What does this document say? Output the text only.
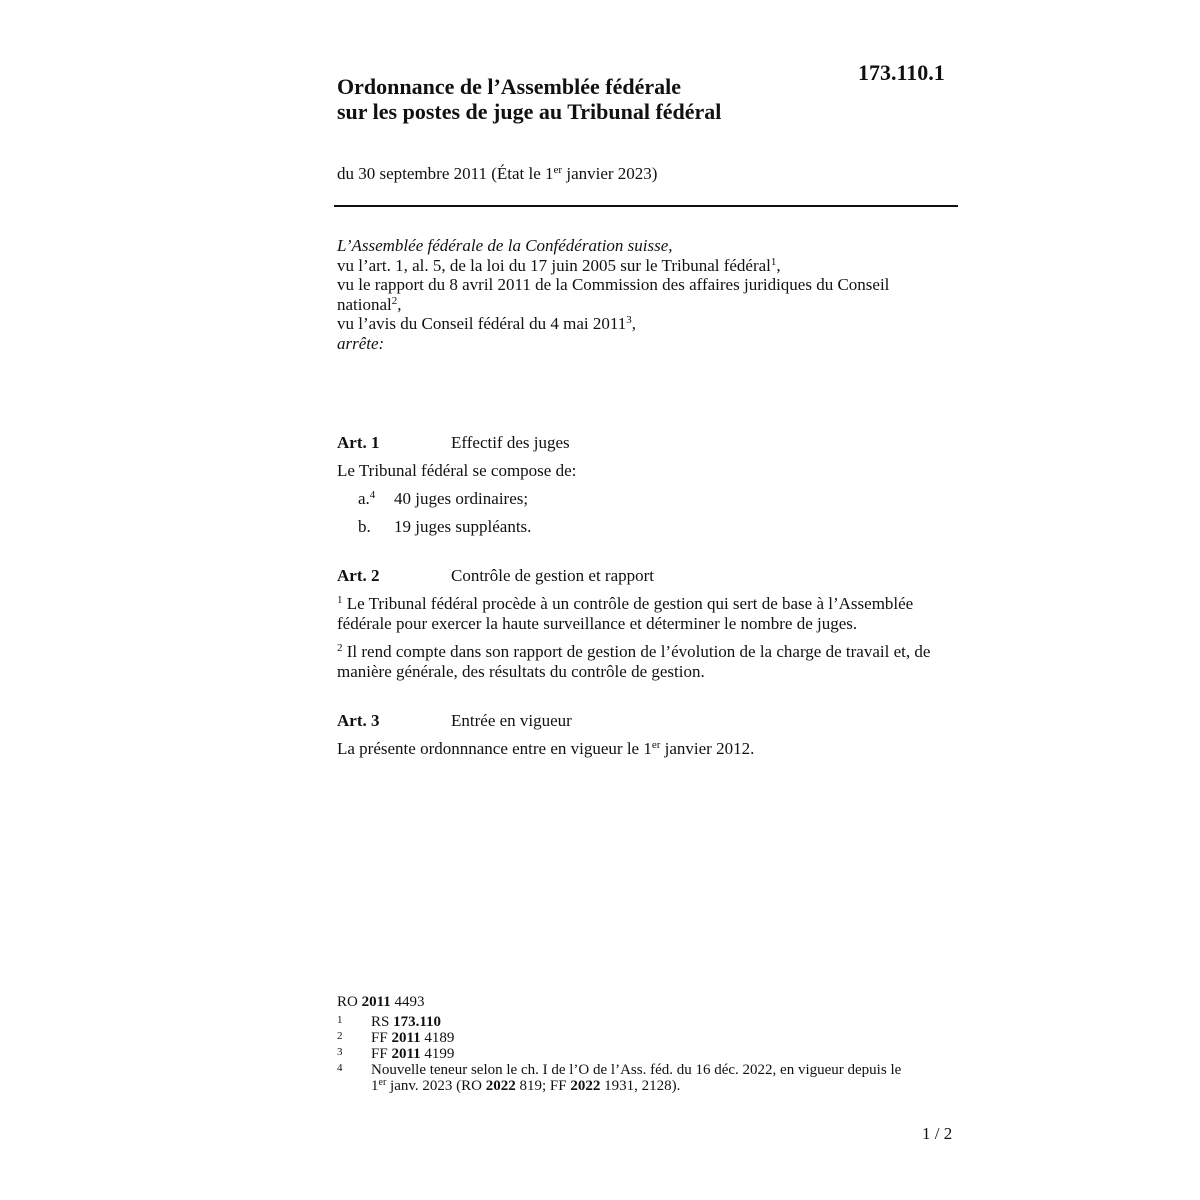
173.110.1
Ordonnance de l’Assemblée fédérale
sur les postes de juge au Tribunal fédéral
du 30 septembre 2011 (État le 1er janvier 2023)
L’Assemblée fédérale de la Confédération suisse,
vu l’art. 1, al. 5, de la loi du 17 juin 2005 sur le Tribunal fédéral$^1$,
vu le rapport du 8 avril 2011 de la Commission des affaires juridiques du Conseil
national$^2$,
vu l’avis du Conseil fédéral du 4 mai 2011$^3$,
arrête:
Art. 1	Effectif des juges
Le Tribunal fédéral se compose de:
a.$^4$ 40 juges ordinaires;
b. 19 juges suppléants.
Art. 2	Contrôle de gestion et rapport
$^1$ Le Tribunal fédéral procède à un contrôle de gestion qui sert de base à l’Assemblée fédérale pour exercer la haute surveillance et déterminer le nombre de juges.
$^2$ Il rend compte dans son rapport de gestion de l’évolution de la charge de travail et, de manière générale, des résultats du contrôle de gestion.
Art. 3	Entrée en vigueur
La présente ordonnnance entre en vigueur le 1er janvier 2012.
RO 2011 4493
1 RS 173.110
2 FF 2011 4189
3 FF 2011 4199
4 Nouvelle teneur selon le ch. I de l’O de l’Ass. féd. du 16 déc. 2022, en vigueur depuis le
1er janv. 2023 (RO 2022 819; FF 2022 1931, 2128).
1 / 2
